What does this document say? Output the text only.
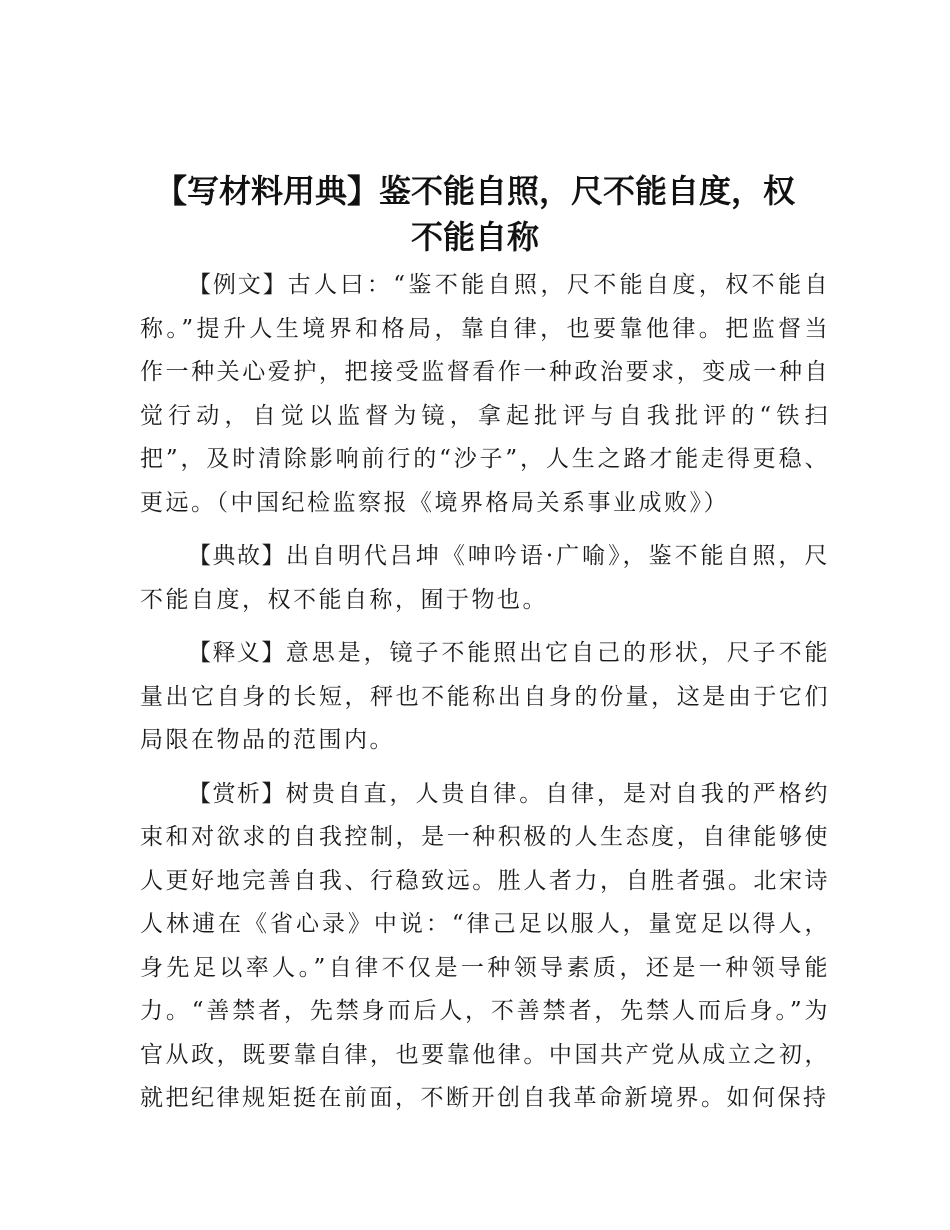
【写材料用典】鉴不能自照，尺不能自度，权不能自称

【例文】古人曰：“鉴不能自照，尺不能自度，权不能自称。”提升人生境界和格局，靠自律，也要靠他律。把监督当作一种关心爱护，把接受监督看作一种政治要求，变成一种自觉行动，自觉以监督为镜，拿起批评与自我批评的“铁扫把”，及时清除影响前行的“沙子”，人生之路才能走得更稳、更远。（中国纪检监察报《境界格局关系事业成败》）

【典故】出自明代吕坤《呻吟语·广喻》，鉴不能自照，尺不能自度，权不能自称，囿于物也。

【释义】意思是，镜子不能照出它自己的形状，尺子不能量出它自身的长短，秤也不能称出自身的份量，这是由于它们局限在物品的范围内。

【赏析】树贵自直，人贵自律。自律，是对自我的严格约束和对欲求的自我控制，是一种积极的人生态度，自律能够使人更好地完善自我、行稳致远。胜人者力，自胜者强。北宋诗人林逋在《省心录》中说：“律己足以服人，量宽足以得人，身先足以率人。”自律不仅是一种领导素质，还是一种领导能力。“善禁者，先禁身而后人，不善禁者，先禁人而后身。”为官从政，既要靠自律，也要靠他律。中国共产党从成立之初，就把纪律规矩挺在前面，不断开创自我革命新境界。如何保持
